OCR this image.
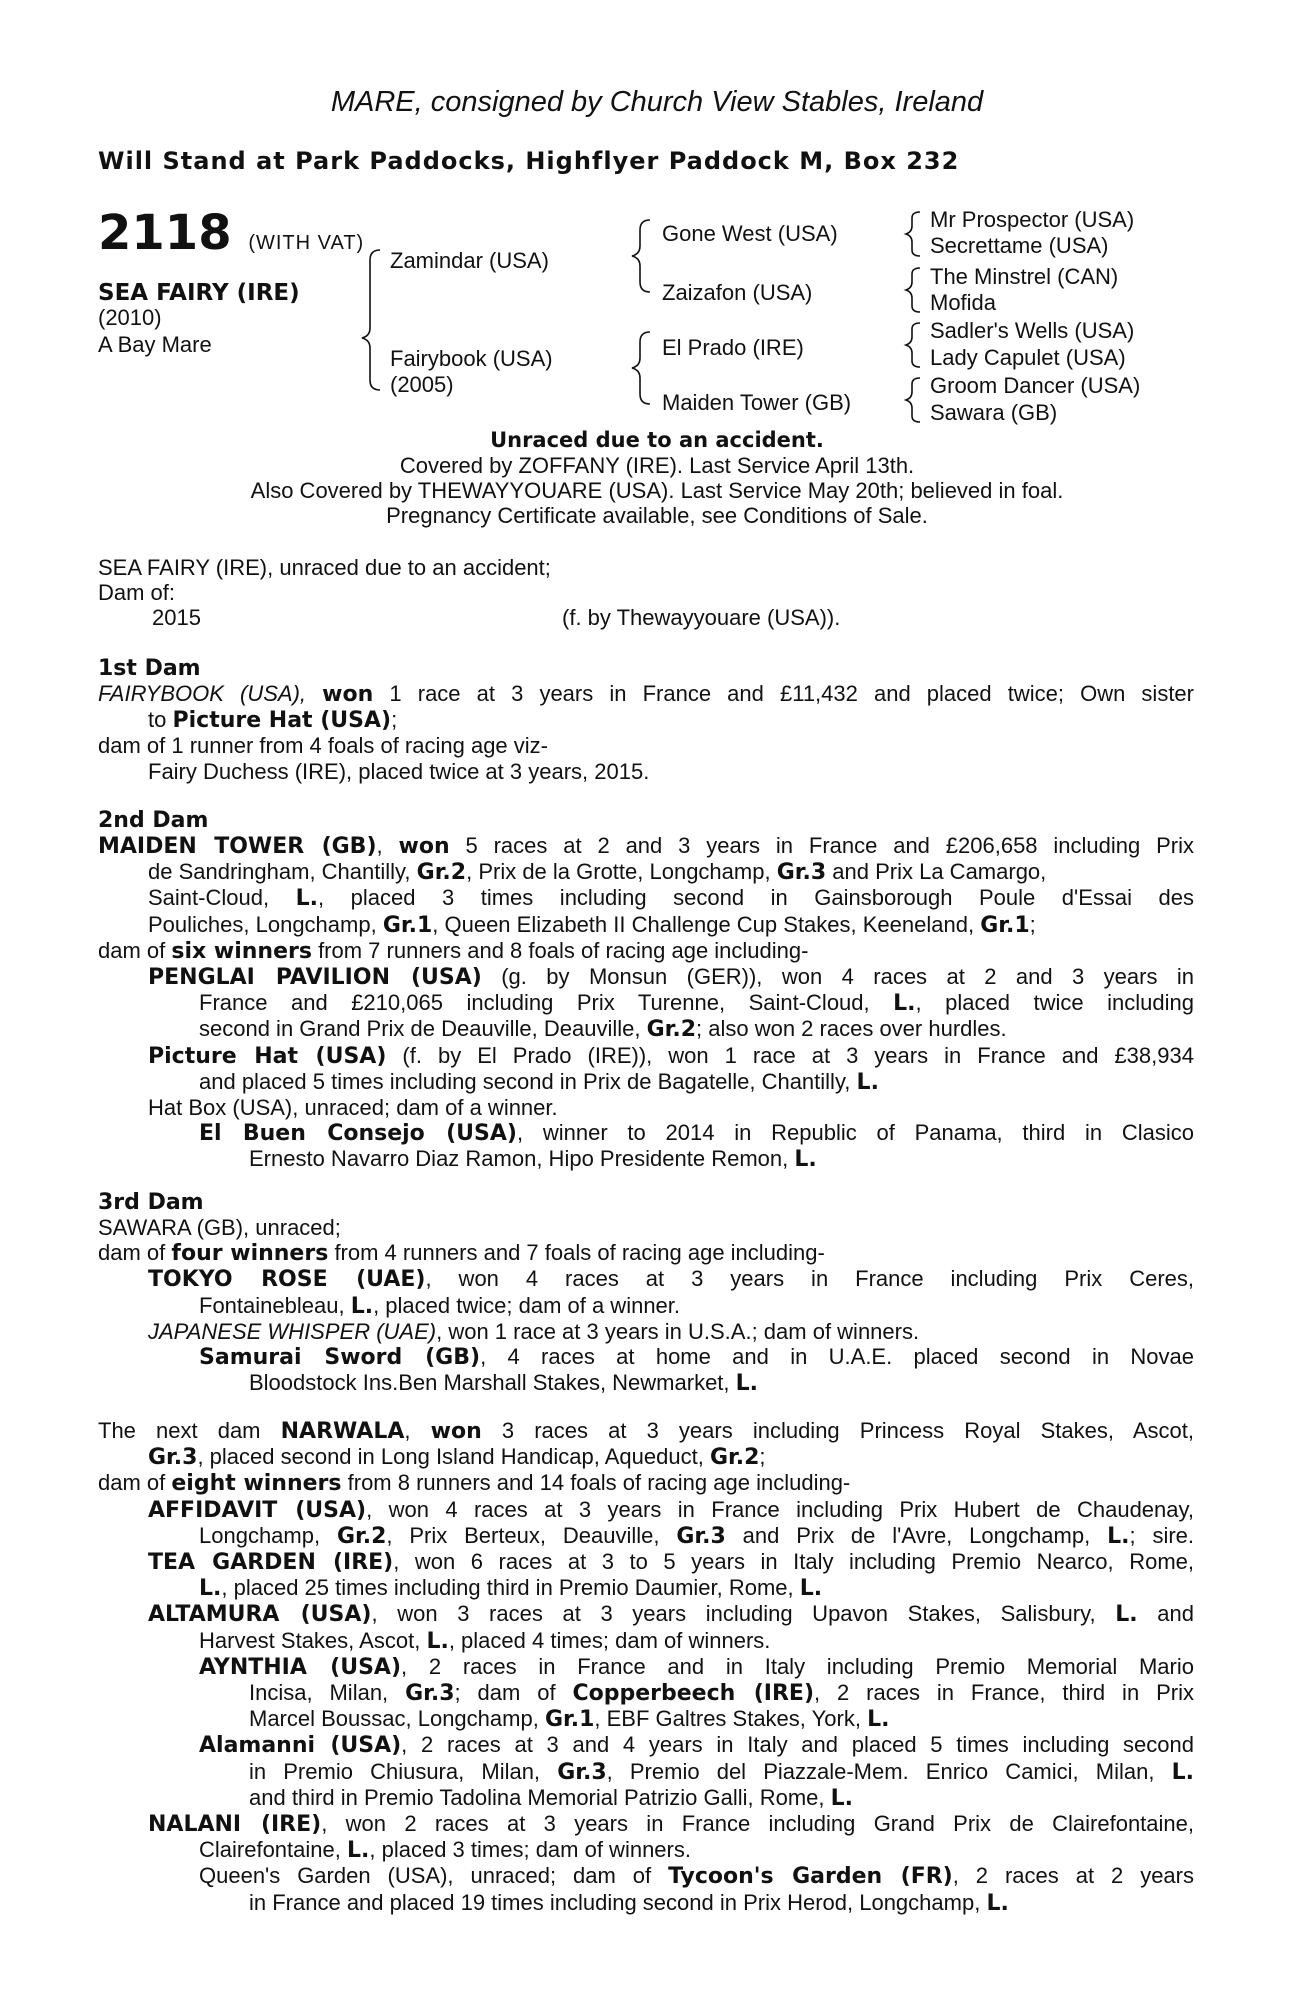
MARE, consigned by Church View Stables, Ireland
Will Stand at Park Paddocks, Highflyer Paddock M, Box 232
2118 (WITH VAT)
SEA FAIRY (IRE)
(2010)
A Bay Mare
Zamindar (USA)
Fairybook (USA)
(2005)
Gone West (USA)
Zaizafon (USA)
El Prado (IRE)
Maiden Tower (GB)
Mr Prospector (USA)
Secrettame (USA)
The Minstrel (CAN)
Mofida
Sadler's Wells (USA)
Lady Capulet (USA)
Groom Dancer (USA)
Sawara (GB)
Unraced due to an accident.
Covered by ZOFFANY (IRE). Last Service April 13th.
Also Covered by THEWAYYOUARE (USA). Last Service May 20th; believed in foal.
Pregnancy Certificate available, see Conditions of Sale.
SEA FAIRY (IRE), unraced due to an accident;
Dam of:
2015	(f. by Thewayyouare (USA)).
1st Dam
FAIRYBOOK (USA), won 1 race at 3 years in France and £11,432 and placed twice; Own sister
to Picture Hat (USA);
dam of 1 runner from 4 foals of racing age viz-
Fairy Duchess (IRE), placed twice at 3 years, 2015.
2nd Dam
MAIDEN TOWER (GB), won 5 races at 2 and 3 years in France and £206,658 including Prix
de Sandringham, Chantilly, Gr.2, Prix de la Grotte, Longchamp, Gr.3 and Prix La Camargo,
Saint-Cloud, L., placed 3 times including second in Gainsborough Poule d'Essai des
Pouliches, Longchamp, Gr.1, Queen Elizabeth II Challenge Cup Stakes, Keeneland, Gr.1;
dam of six winners from 7 runners and 8 foals of racing age including-
PENGLAI PAVILION (USA) (g. by Monsun (GER)), won 4 races at 2 and 3 years in
France and £210,065 including Prix Turenne, Saint-Cloud, L., placed twice including
second in Grand Prix de Deauville, Deauville, Gr.2; also won 2 races over hurdles.
Picture Hat (USA) (f. by El Prado (IRE)), won 1 race at 3 years in France and £38,934
and placed 5 times including second in Prix de Bagatelle, Chantilly, L.
Hat Box (USA), unraced; dam of a winner.
El Buen Consejo (USA), winner to 2014 in Republic of Panama, third in Clasico
Ernesto Navarro Diaz Ramon, Hipo Presidente Remon, L.
3rd Dam
SAWARA (GB), unraced;
dam of four winners from 4 runners and 7 foals of racing age including-
TOKYO ROSE (UAE), won 4 races at 3 years in France including Prix Ceres,
Fontainebleau, L., placed twice; dam of a winner.
JAPANESE WHISPER (UAE), won 1 race at 3 years in U.S.A.; dam of winners.
Samurai Sword (GB), 4 races at home and in U.A.E. placed second in Novae
Bloodstock Ins.Ben Marshall Stakes, Newmarket, L.
The next dam NARWALA, won 3 races at 3 years including Princess Royal Stakes, Ascot,
Gr.3, placed second in Long Island Handicap, Aqueduct, Gr.2;
dam of eight winners from 8 runners and 14 foals of racing age including-
AFFIDAVIT (USA), won 4 races at 3 years in France including Prix Hubert de Chaudenay,
Longchamp, Gr.2, Prix Berteux, Deauville, Gr.3 and Prix de l'Avre, Longchamp, L.; sire.
TEA GARDEN (IRE), won 6 races at 3 to 5 years in Italy including Premio Nearco, Rome,
L., placed 25 times including third in Premio Daumier, Rome, L.
ALTAMURA (USA), won 3 races at 3 years including Upavon Stakes, Salisbury, L. and
Harvest Stakes, Ascot, L., placed 4 times; dam of winners.
AYNTHIA (USA), 2 races in France and in Italy including Premio Memorial Mario
Incisa, Milan, Gr.3; dam of Copperbeech (IRE), 2 races in France, third in Prix
Marcel Boussac, Longchamp, Gr.1, EBF Galtres Stakes, York, L.
Alamanni (USA), 2 races at 3 and 4 years in Italy and placed 5 times including second
in Premio Chiusura, Milan, Gr.3, Premio del Piazzale-Mem. Enrico Camici, Milan, L.
and third in Premio Tadolina Memorial Patrizio Galli, Rome, L.
NALANI (IRE), won 2 races at 3 years in France including Grand Prix de Clairefontaine,
Clairefontaine, L., placed 3 times; dam of winners.
Queen's Garden (USA), unraced; dam of Tycoon's Garden (FR), 2 races at 2 years
in France and placed 19 times including second in Prix Herod, Longchamp, L.
